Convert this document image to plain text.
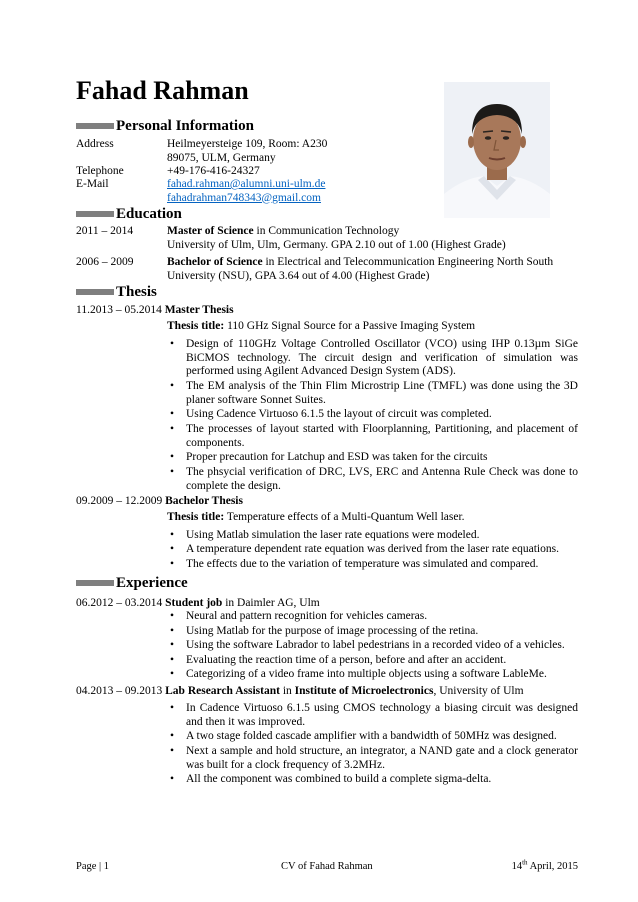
Fahad Rahman
Personal Information
Address	Heilmeyersteige 109, Room: A230
89075, ULM, Germany
Telephone	+49-176-416-24327
E-Mail	fahad.rahman@alumni.uni-ulm.de
fahadrahman748343@gmail.com
Education
2011 – 2014	Master of Science in Communication Technology
University of Ulm, Ulm, Germany. GPA 2.10 out of 1.00 (Highest Grade)
2006 – 2009	Bachelor of Science in Electrical and Telecommunication Engineering North South
University (NSU), GPA 3.64 out of 4.00 (Highest Grade)
Thesis
11.2013 – 05.2014 Master Thesis
Thesis title: 110 GHz Signal Source for a Passive Imaging System
• Design of 110GHz Voltage Controlled Oscillator (VCO) using IHP 0.13µm SiGe BiCMOS technology. The circuit design and verification of simulation was performed using Agilent Advanced Design System (ADS).
• The EM analysis of the Thin Flim Microstrip Line (TMFL) was done using the 3D planer software Sonnet Suites.
• Using Cadence Virtuoso 6.1.5 the layout of circuit was completed.
• The processes of layout started with Floorplanning, Partitioning, and placement of components.
• Proper precaution for Latchup and ESD was taken for the circuits
• The phsycial verification of DRC, LVS, ERC and Antenna Rule Check was done to complete the design.
09.2009 – 12.2009 Bachelor Thesis
Thesis title: Temperature effects of a Multi-Quantum Well laser.
• Using Matlab simulation the laser rate equations were modeled.
• A temperature dependent rate equation was derived from the laser rate equations.
• The effects due to the variation of temperature was simulated and compared.
Experience
06.2012 – 03.2014 Student job in Daimler AG, Ulm
• Neural and pattern recognition for vehicles cameras.
• Using Matlab for the purpose of image processing of the retina.
• Using the software Labrador to label pedestrians in a recorded video of a vehicles.
• Evaluating the reaction time of a person, before and after an accident.
• Categorizing of a video frame into multiple objects using a software LableMe.
04.2013 – 09.2013 Lab Research Assistant in Institute of Microelectronics, University of Ulm
• In Cadence Virtuoso 6.1.5 using CMOS technology a biasing circuit was designed and then it was improved.
• A two stage folded cascade amplifier with a bandwidth of 50MHz was designed.
• Next a sample and hold structure, an integrator, a NAND gate and a clock generator was built for a clock frequency of 3.2MHz.
• All the component was combined to build a complete sigma-delta.
Page | 1	CV of Fahad Rahman	14th April, 2015
